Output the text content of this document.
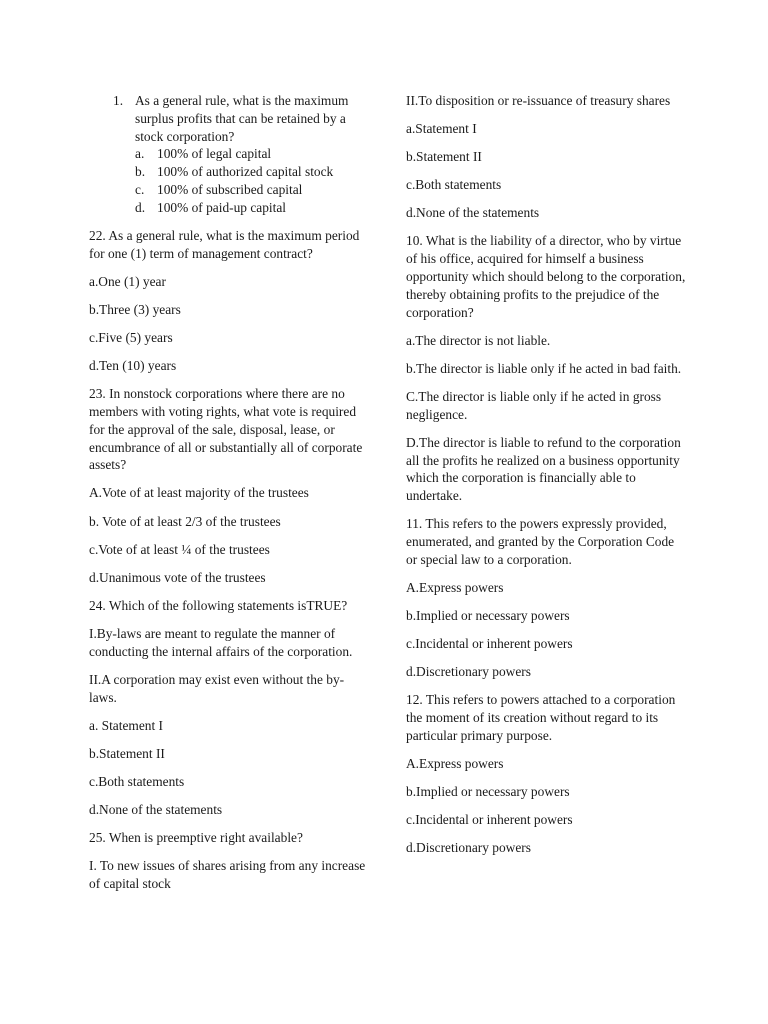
1. As a general rule, what is the maximum surplus profits that can be retained by a stock corporation?
a. 100% of legal capital
b. 100% of authorized capital stock
c. 100% of subscribed capital
d. 100% of paid-up capital

22. As a general rule, what is the maximum period for one (1) term of management contract?

a.One (1) year

b.Three (3) years

c.Five (5) years

d.Ten (10) years

23. In nonstock corporations where there are no members with voting rights, what vote is required for the approval of the sale, disposal, lease, or encumbrance of all or substantially all of corporate assets?

A.Vote of at least majority of the trustees

b. Vote of at least 2/3 of the trustees

c.Vote of at least ¼ of the trustees

d.Unanimous vote of the trustees

24. Which of the following statements isTRUE?

I.By-laws are meant to regulate the manner of conducting the internal affairs of the corporation.

II.A corporation may exist even without the by-laws.

a. Statement I

b.Statement II

c.Both statements

d.None of the statements

25. When is preemptive right available?

I. To new issues of shares arising from any increase of capital stock

II.To disposition or re-issuance of treasury shares

a.Statement I

b.Statement II

c.Both statements

d.None of the statements

10. What is the liability of a director, who by virtue of his office, acquired for himself a business opportunity which should belong to the corporation, thereby obtaining profits to the prejudice of the corporation?

a.The director is not liable.

b.The director is liable only if he acted in bad faith.

C.The director is liable only if he acted in gross negligence.

D.The director is liable to refund to the corporation all the profits he realized on a business opportunity which the corporation is financially able to undertake.

11. This refers to the powers expressly provided, enumerated, and granted by the Corporation Code or special law to a corporation.

A.Express powers

b.Implied or necessary powers

c.Incidental or inherent powers

d.Discretionary powers

12. This refers to powers attached to a corporation the moment of its creation without regard to its particular primary purpose.

A.Express powers

b.Implied or necessary powers

c.Incidental or inherent powers

d.Discretionary powers
